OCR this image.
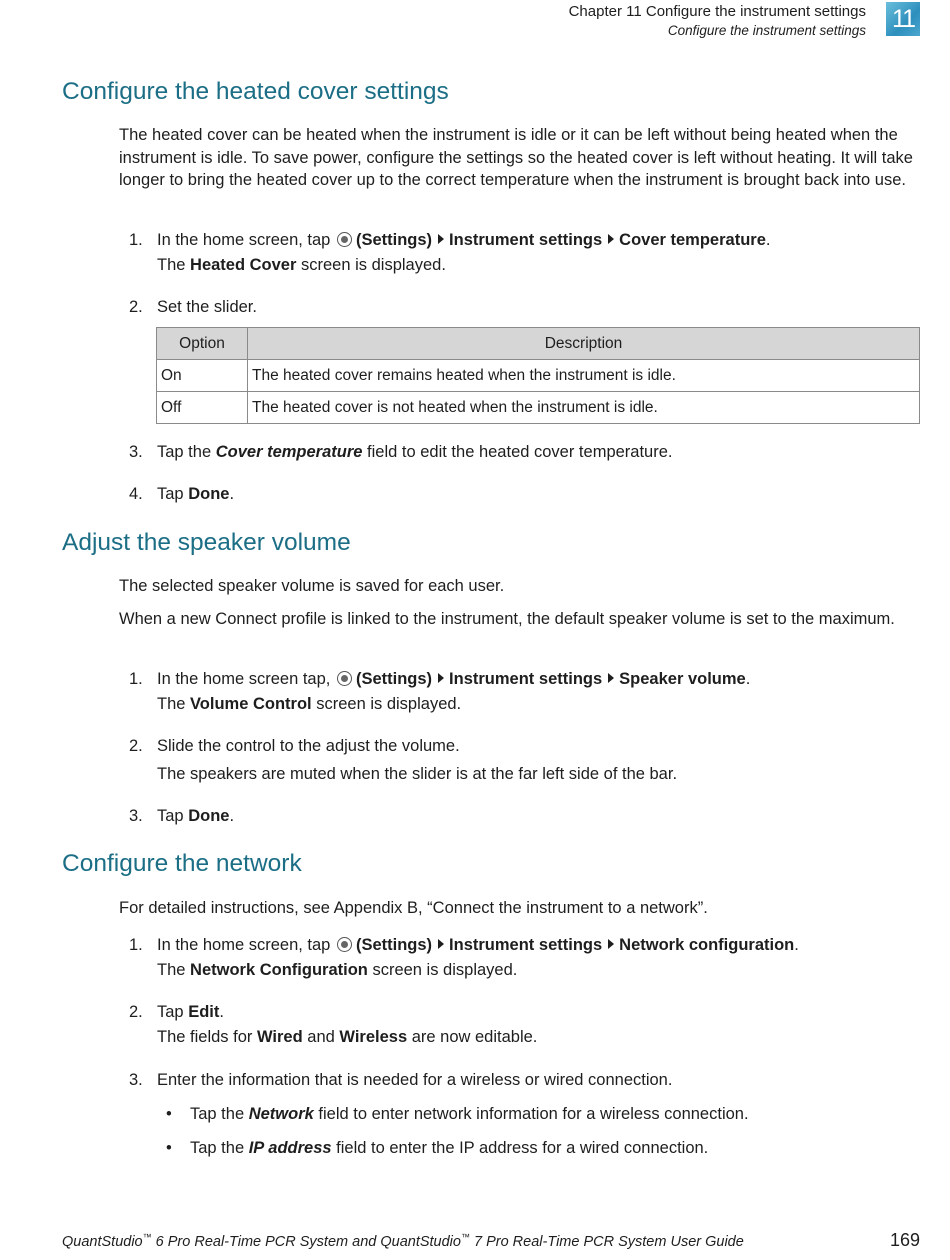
Chapter 11 Configure the instrument settings
Configure the instrument settings 11
Configure the heated cover settings
The heated cover can be heated when the instrument is idle or it can be left without being heated when the instrument is idle. To save power, configure the settings so the heated cover is left without heating. It will take longer to bring the heated cover up to the correct temperature when the instrument is brought back into use.
1. In the home screen, tap (Settings) Instrument settings Cover temperature.
The Heated Cover screen is displayed.
2. Set the slider.
Option	Description
On	The heated cover remains heated when the instrument is idle.
Off	The heated cover is not heated when the instrument is idle.
3. Tap the Cover temperature field to edit the heated cover temperature.
4. Tap Done.
Adjust the speaker volume
The selected speaker volume is saved for each user.
When a new Connect profile is linked to the instrument, the default speaker volume is set to the maximum.
1. In the home screen tap, (Settings) Instrument settings Speaker volume.
The Volume Control screen is displayed.
2. Slide the control to the adjust the volume.
The speakers are muted when the slider is at the far left side of the bar.
3. Tap Done.
Configure the network
For detailed instructions, see Appendix B, “Connect the instrument to a network”.
1. In the home screen, tap (Settings) Instrument settings Network configuration.
The Network Configuration screen is displayed.
2. Tap Edit.
The fields for Wired and Wireless are now editable.
3. Enter the information that is needed for a wireless or wired connection.
• Tap the Network field to enter network information for a wireless connection.
• Tap the IP address field to enter the IP address for a wired connection.
QuantStudio™ 6 Pro Real-Time PCR System and QuantStudio™ 7 Pro Real-Time PCR System User Guide	169
